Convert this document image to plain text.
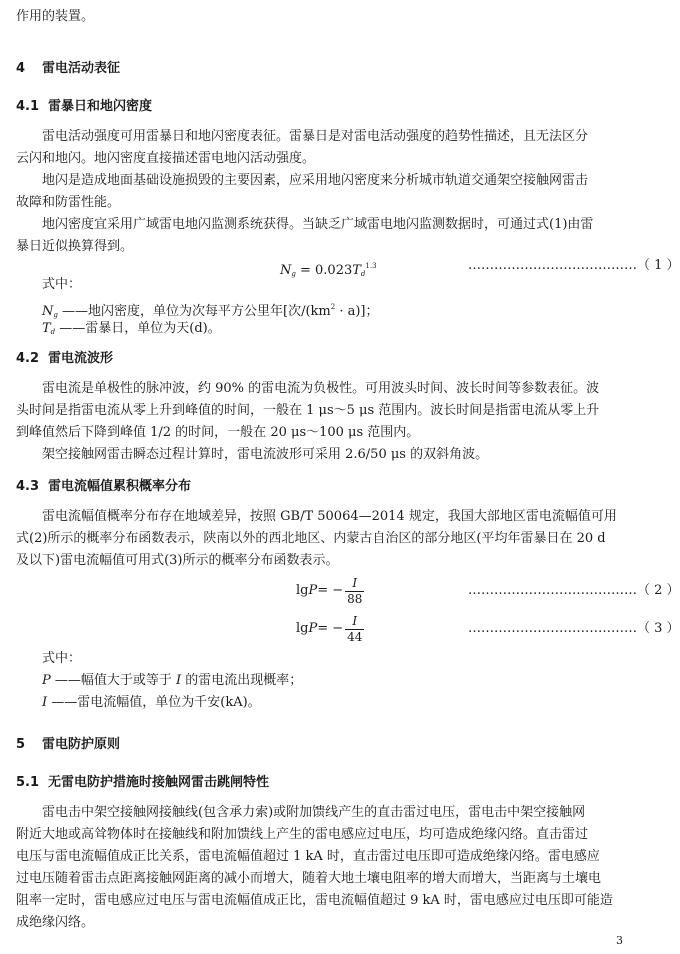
作用的装置。
4 雷电活动表征
4.1 雷暴日和地闪密度
雷电活动强度可用雷暴日和地闪密度表征。雷暴日是对雷电活动强度的趋势性描述，且无法区分
云闪和地闪。地闪密度直接描述雷电地闪活动强度。
地闪是造成地面基础设施损毁的主要因素，应采用地闪密度来分析城市轨道交通架空接触网雷击
故障和防雷性能。
地闪密度宜采用广域雷电地闪监测系统获得。当缺乏广域雷电地闪监测数据时，可通过式(1)由雷
暴日近似换算得到。
$N_g = 0.023T_d^{1.3}$	…………………………………（ 1 ）
式中：
$N_g$ ——地闪密度，单位为次每平方公里年[次$/(km^2 \cdot a)$]；
$T_d$ ——雷暴日，单位为天(d)。
4.2 雷电流波形
雷电流是单极性的脉冲波，约 90% 的雷电流为负极性。可用波头时间、波长时间等参数表征。波
头时间是指雷电流从零上升到峰值的时间，一般在 1 μs～5 μs 范围内。波长时间是指雷电流从零上升
到峰值然后下降到峰值 1/2 的时间，一般在 20 μs～100 μs 范围内。
架空接触网雷击瞬态过程计算时，雷电流波形可采用 2.6/50 μs 的双斜角波。
4.3 雷电流幅值累积概率分布
雷电流幅值概率分布存在地域差异，按照 GB/T 50064—2014 规定，我国大部地区雷电流幅值可用
式(2)所示的概率分布函数表示，陕南以外的西北地区、内蒙古自治区的部分地区(平均年雷暴日在 20 d
及以下)雷电流幅值可用式(3)所示的概率分布函数表示。
lg P = − $\frac{I}{88}$	…………………………………（ 2 ）
lg P = − $\frac{I}{44}$	…………………………………（ 3 ）
式中：
P ——幅值大于或等于 I 的雷电流出现概率；
I ——雷电流幅值，单位为千安(kA)。
5 雷电防护原则
5.1 无雷电防护措施时接触网雷击跳闸特性
雷电击中架空接触网接触线(包含承力索)或附加馈线产生的直击雷过电压，雷电击中架空接触网
附近大地或高耸物体时在接触线和附加馈线上产生的雷电感应过电压，均可造成绝缘闪络。直击雷过
电压与雷电流幅值成正比关系，雷电流幅值超过 1 kA 时，直击雷过电压即可造成绝缘闪络。雷电感应
过电压随着雷击点距离接触网距离的减小而增大，随着大地土壤电阻率的增大而增大，当距离与土壤电
阻率一定时，雷电感应过电压与雷电流幅值成正比，雷电流幅值超过 9 kA 时，雷电感应过电压即可能造
成绝缘闪络。
3
